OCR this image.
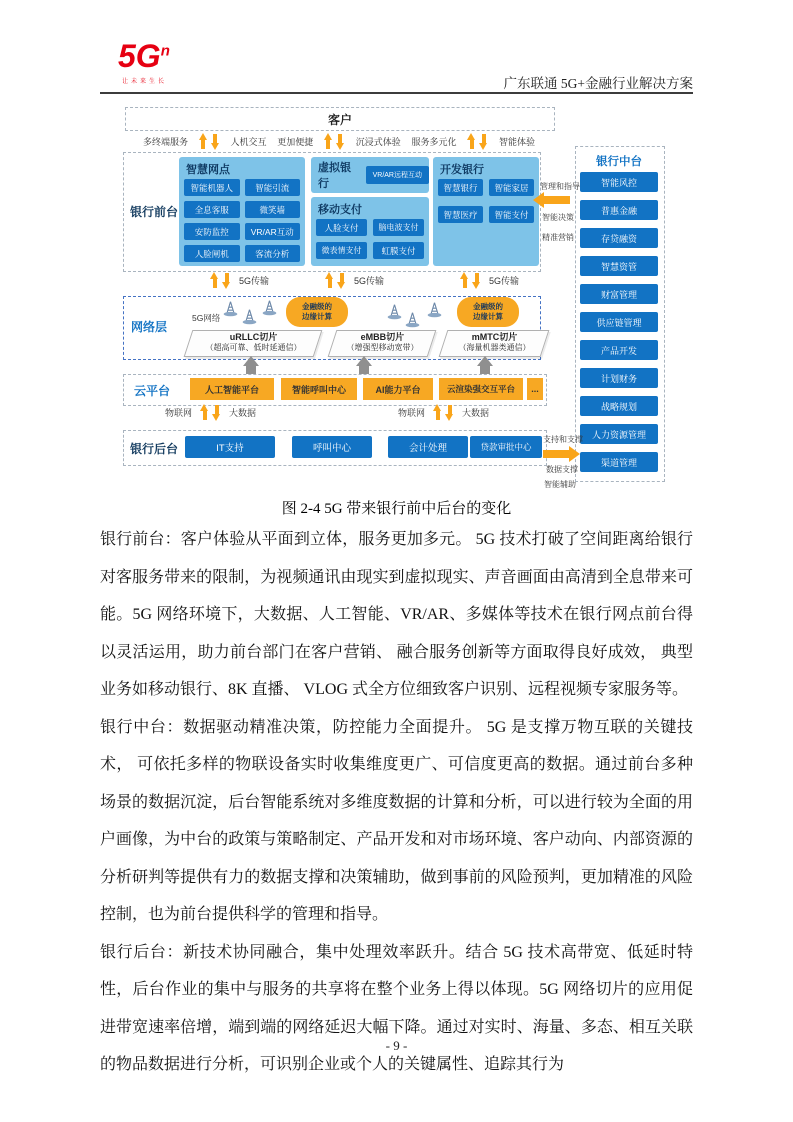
$5G^n$
让未来生长	广东联通 5G+金融行业解决方案
客户
多终端服务	人机交互 更加便捷	沉浸式体验 服务多元化	智能体验
银行前台
智慧网点
智能机器人	智能引流
全息客服	微笑墙
安防监控	VR/AR互动
人脸闸机	客流分析
虚拟银行
VR/AR远程互动
移动支付
人脸支付	脑电波支付
微表情支付	虹膜支付
开发银行
智慧银行	智能家居
智慧医疗	智能支付
5G传输	5G传输	5G传输
网络层
5G网络
金融级的
边缘计算
金融级的
边缘计算
uRLLC切片
（超高可靠、低时延通信）
eMBB切片
（增强型移动宽带）
mMTC切片
（海量机器类通信）
云平台	人工智能平台	智能呼叫中心	AI能力平台	云渲染强交互平台	...
物联网	大数据	物联网	大数据
银行后台	IT支持	呼叫中心	会计处理	贷款审批中心
银行中台
智能风控
普惠金融
存贷融资
智慧资管
财富管理
供应链管理
产品开发
计划财务
战略规划
人力资源管理
渠道管理
管理和指导
智能决策
精准营销
支持和支撑
数据支撑
智能辅助
图 2-4 5G 带来银行前中后台的变化

银行前台：客户体验从平面到立体，服务更加多元。 5G 技术打破了空间距离给银行对客服务带来的限制，为视频通讯由现实到虚拟现实、声音画面由高清到全息带来可能。5G 网络环境下，大数据、人工智能、VR/AR、多媒体等技术在银行网点前台得以灵活运用，助力前台部门在客户营销、 融合服务创新等方面取得良好成效， 典型业务如移动银行、8K 直播、 VLOG 式全方位细致客户识别、远程视频专家服务等。

银行中台：数据驱动精准决策，防控能力全面提升。 5G 是支撑万物互联的关键技术， 可依托多样的物联设备实时收集维度更广、可信度更高的数据。通过前台多种场景的数据沉淀，后台智能系统对多维度数据的计算和分析，可以进行较为全面的用户画像，为中台的政策与策略制定、产品开发和对市场环境、客户动向、内部资源的分析研判等提供有力的数据支撑和决策辅助，做到事前的风险预判，更加精准的风险控制，也为前台提供科学的管理和指导。

银行后台：新技术协同融合，集中处理效率跃升。结合 5G 技术高带宽、低延时特性，后台作业的集中与服务的共享将在整个业务上得以体现。5G 网络切片的应用促进带宽速率倍增，端到端的网络延迟大幅下降。通过对实时、海量、多态、相互关联的物品数据进行分析，可识别企业或个人的关键属性、追踪其行为

- 9 -
